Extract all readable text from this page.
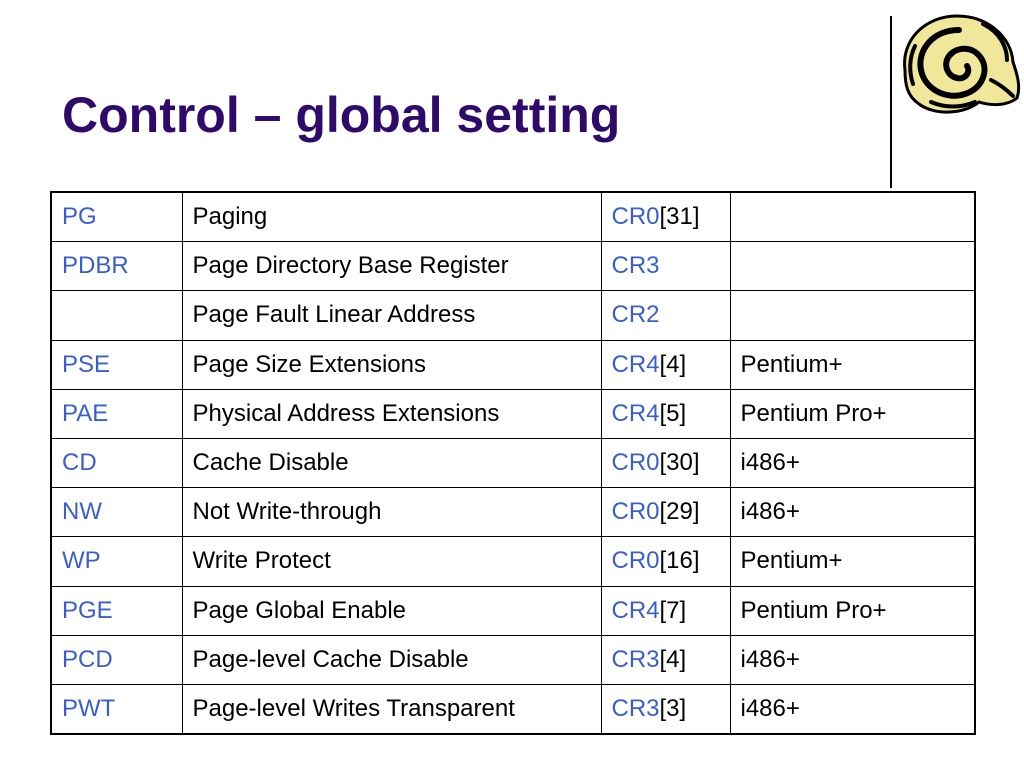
Control – global setting
PG	Paging	CR0[31]	
PDBR	Page Directory Base Register	CR3	
	Page Fault Linear Address	CR2	
PSE	Page Size Extensions	CR4[4]	Pentium+
PAE	Physical Address Extensions	CR4[5]	Pentium Pro+
CD	Cache Disable	CR0[30]	i486+
NW	Not Write-through	CR0[29]	i486+
WP	Write Protect	CR0[16]	Pentium+
PGE	Page Global Enable	CR4[7]	Pentium Pro+
PCD	Page-level Cache Disable	CR3[4]	i486+
PWT	Page-level Writes Transparent	CR3[3]	i486+
